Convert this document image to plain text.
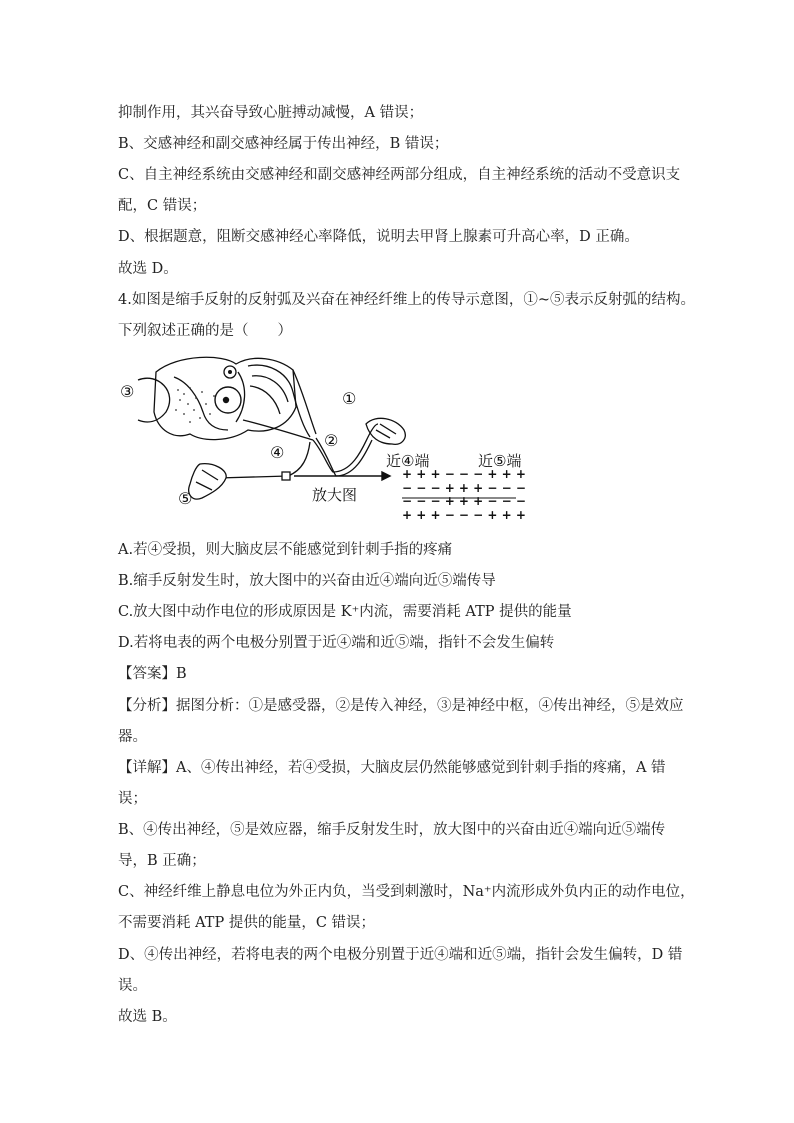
抑制作用，其兴奋导致心脏搏动减慢，A 错误；
B、交感神经和副交感神经属于传出神经，B 错误；
C、自主神经系统由交感神经和副交感神经两部分组成，自主神经系统的活动不受意识支
配，C 错误；
D、根据题意，阻断交感神经心率降低，说明去甲肾上腺素可升高心率，D 正确。
故选 D。
4.如图是缩手反射的反射弧及兴奋在神经纤维上的传导示意图，①~⑤表示反射弧的结构。
下列叙述正确的是（　　）
③	①
②
④
⑤
近④端	近⑤端
放大图
+ + + − − − + + +
− − − + + + − − −
− − − + + + − − −
+ + + − − − + + +
A.若④受损，则大脑皮层不能感觉到针刺手指的疼痛
B.缩手反射发生时，放大图中的兴奋由近④端向近⑤端传导
C.放大图中动作电位的形成原因是 K⁺内流，需要消耗 ATP 提供的能量
D.若将电表的两个电极分别置于近④端和近⑤端，指针不会发生偏转
【答案】B
【分析】据图分析：①是感受器，②是传入神经，③是神经中枢，④传出神经，⑤是效应
器。
【详解】A、④传出神经，若④受损，大脑皮层仍然能够感觉到针刺手指的疼痛，A 错
误；
B、④传出神经，⑤是效应器，缩手反射发生时，放大图中的兴奋由近④端向近⑤端传
导，B 正确；
C、神经纤维上静息电位为外正内负，当受到刺激时，Na⁺内流形成外负内正的动作电位，
不需要消耗 ATP 提供的能量，C 错误；
D、④传出神经，若将电表的两个电极分别置于近④端和近⑤端，指针会发生偏转，D 错
误。
故选 B。
